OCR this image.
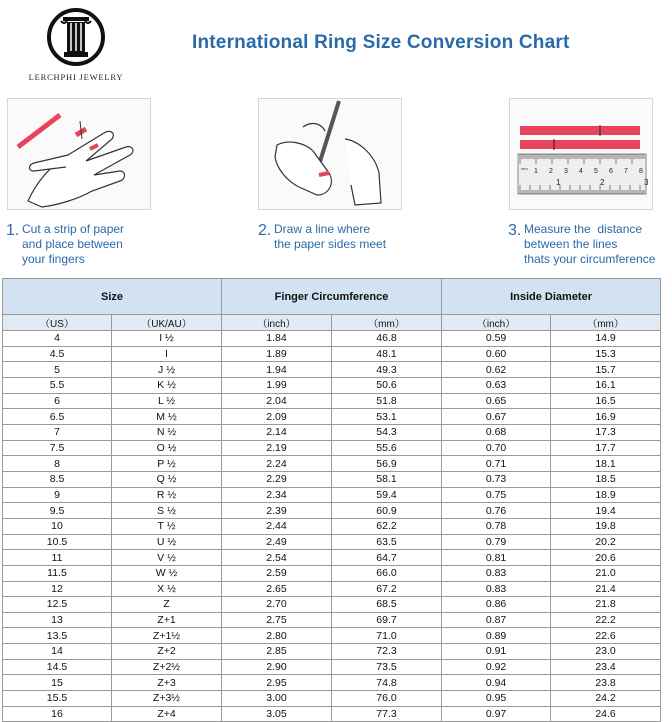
LERCHPHI JEWELRY
International Ring Size Conversion Chart
mm 1 2 3 4 5 6 7 8
1	2	3
1. Cut a strip of paper
and place between
your fingers
2. Draw a line where
the paper sides meet
3. Measure the  distance
between the lines
thats your circumference
Size		Finger Circumference		Inside Diameter	
（US）	（UK/AU）	（inch）	（mm）	（inch）	（mm）
4	I ½	1.84	46.8	0.59	14.9
4.5	I	1.89	48.1	0.60	15.3
5	J ½	1.94	49.3	0.62	15.7
5.5	K ½	1.99	50.6	0.63	16.1
6	L ½	2.04	51.8	0.65	16.5
6.5	M ½	2.09	53.1	0.67	16.9
7	N ½	2.14	54.3	0.68	17.3
7.5	O ½	2.19	55.6	0.70	17.7
8	P ½	2.24	56.9	0.71	18.1
8.5	Q ½	2.29	58.1	0.73	18.5
9	R ½	2.34	59.4	0.75	18.9
9.5	S ½	2.39	60.9	0.76	19.4
10	T ½	2.44	62.2	0.78	19.8
10.5	U ½	2.49	63.5	0.79	20.2
11	V ½	2.54	64.7	0.81	20.6
11.5	W ½	2.59	66.0	0.83	21.0
12	X ½	2.65	67.2	0.83	21.4
12.5	Z	2.70	68.5	0.86	21.8
13	Z+1	2.75	69.7	0.87	22.2
13.5	Z+1½	2.80	71.0	0.89	22.6
14	Z+2	2.85	72.3	0.91	23.0
14.5	Z+2½	2.90	73.5	0.92	23.4
15	Z+3	2.95	74.8	0.94	23.8
15.5	Z+3½	3.00	76.0	0.95	24.2
16	Z+4	3.05	77.3	0.97	24.6
